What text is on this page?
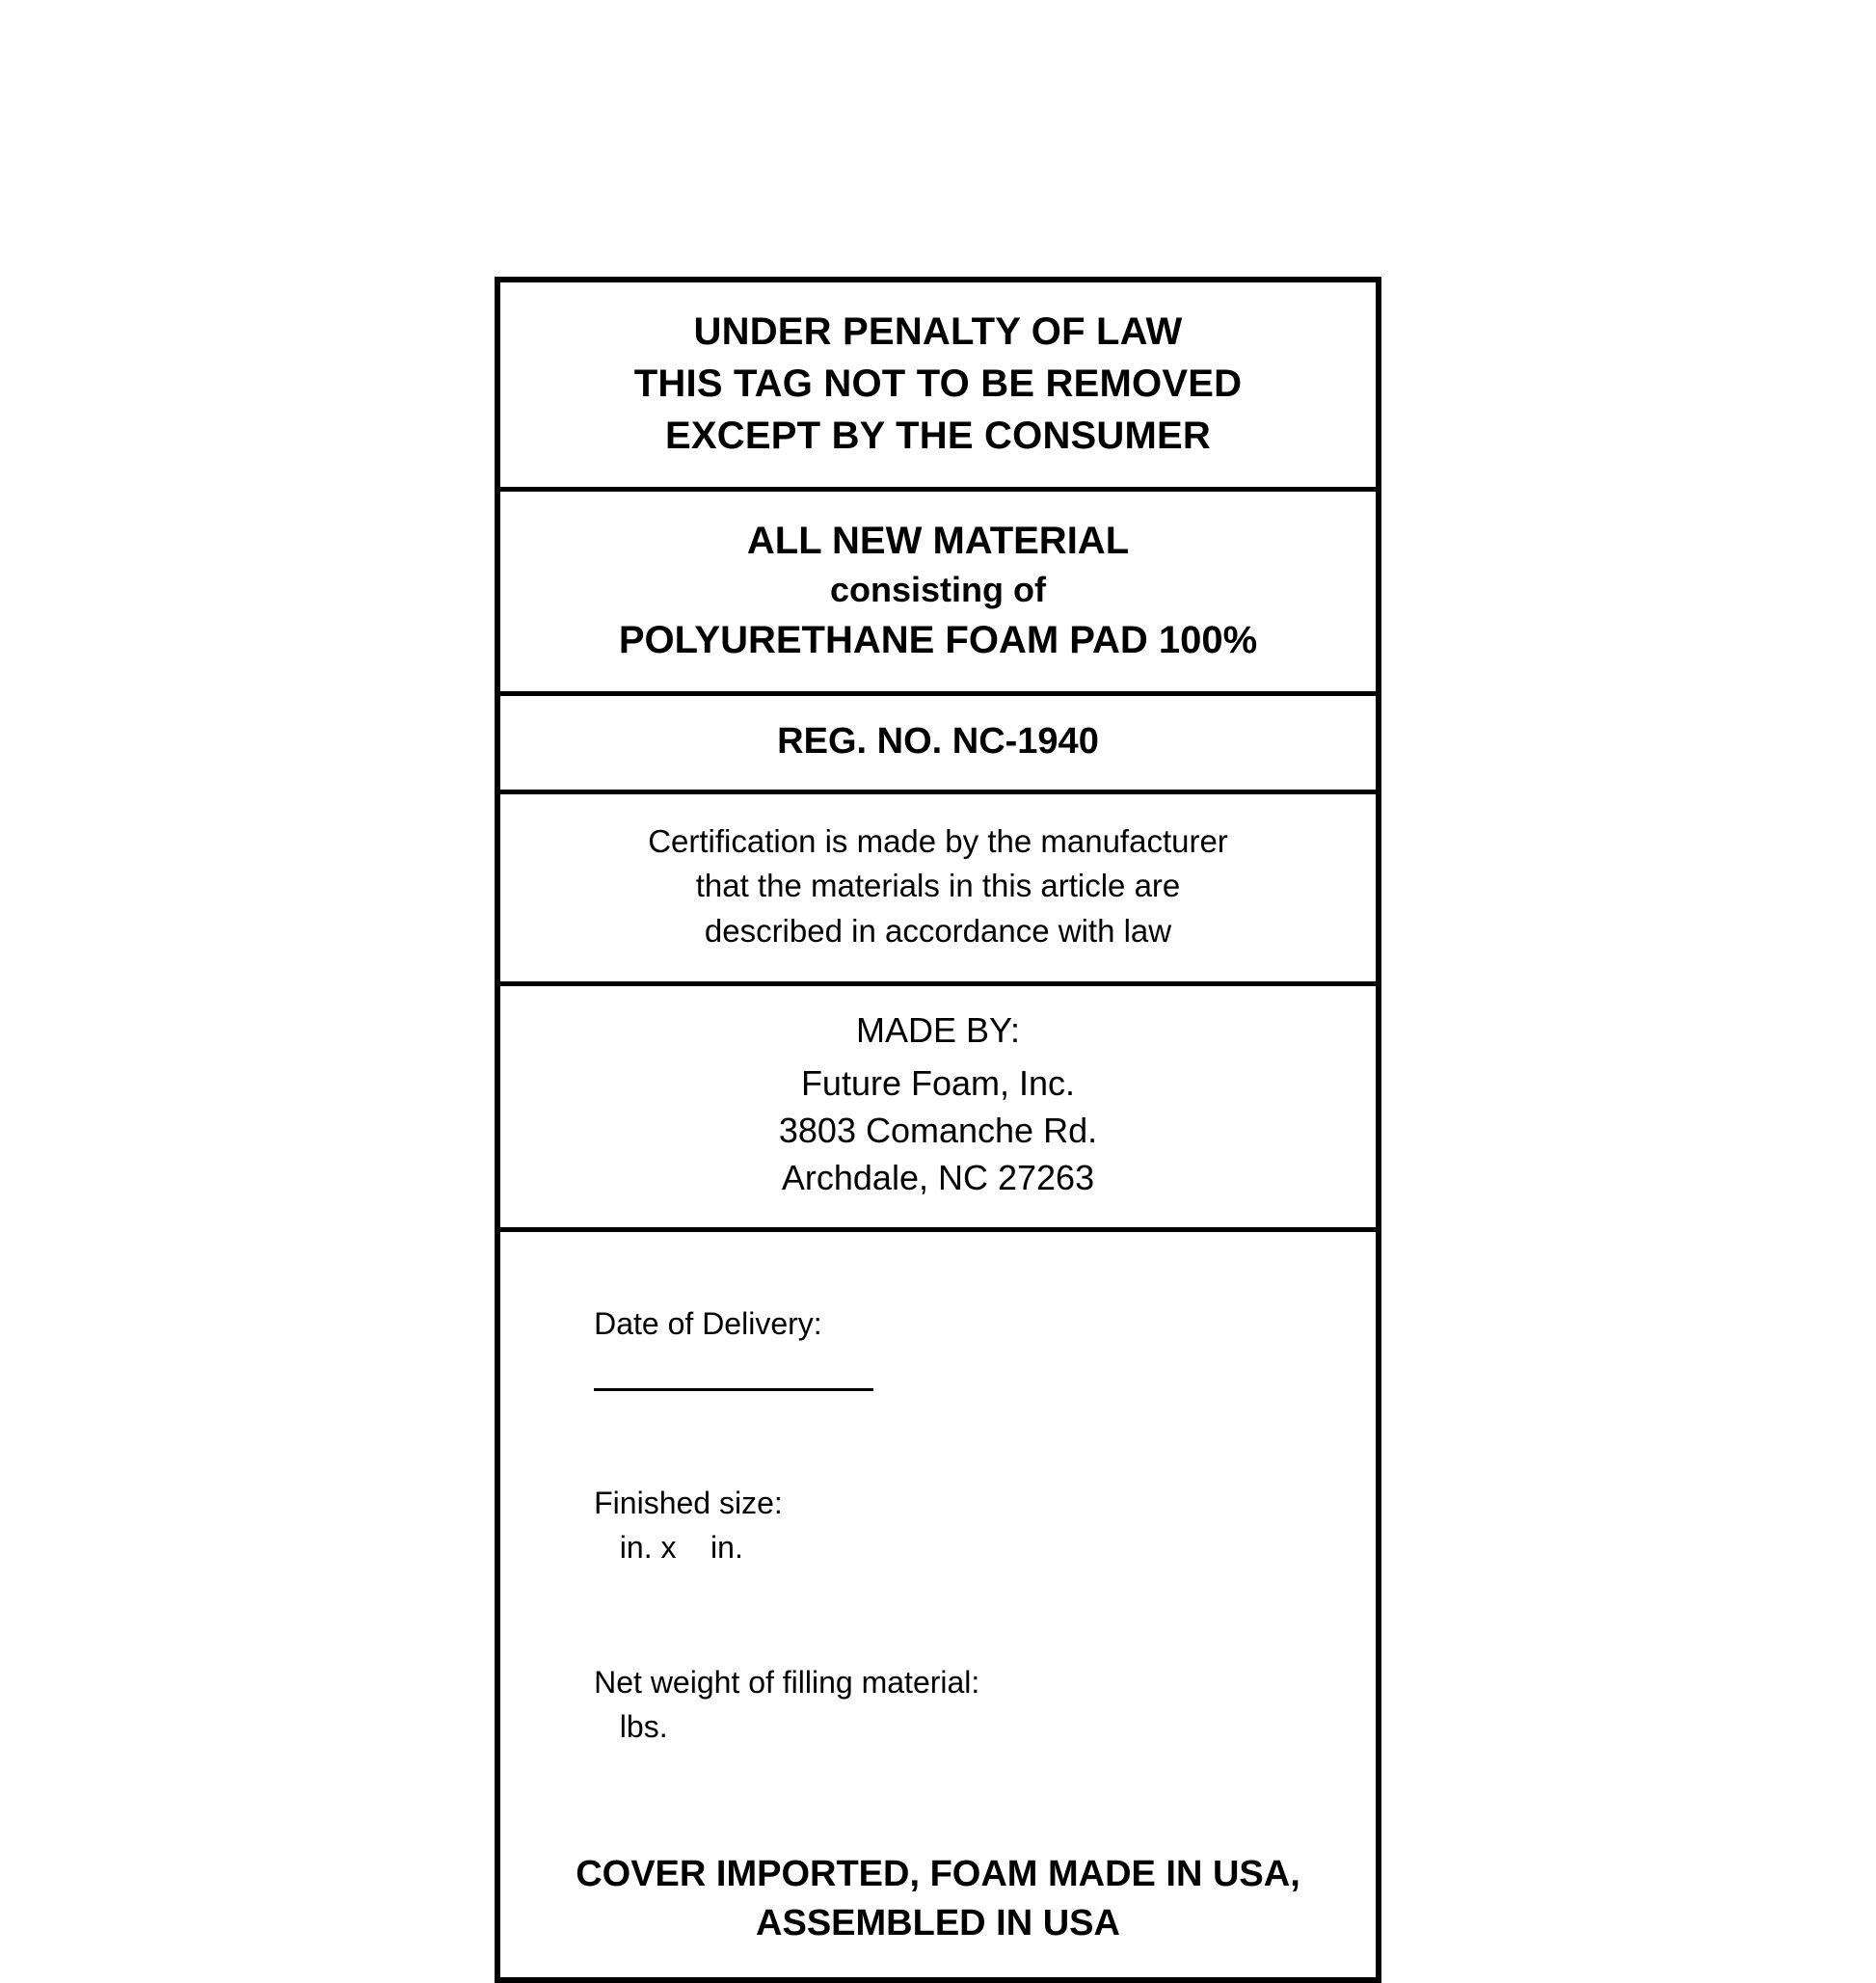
UNDER PENALTY OF LAW
THIS TAG NOT TO BE REMOVED
EXCEPT BY THE CONSUMER
ALL NEW MATERIAL
consisting of
POLYURETHANE FOAM PAD 100%
REG. NO. NC-1940
Certification is made by the manufacturer
that the materials in this article are
described in accordance with law
MADE BY:
Future Foam, Inc.
3803 Comanche Rd.
Archdale, NC 27263

Date of Delivery:

Finished size:
in. x    in.

Net weight of filling material:
lbs.

COVER IMPORTED, FOAM MADE IN USA,
ASSEMBLED IN USA
